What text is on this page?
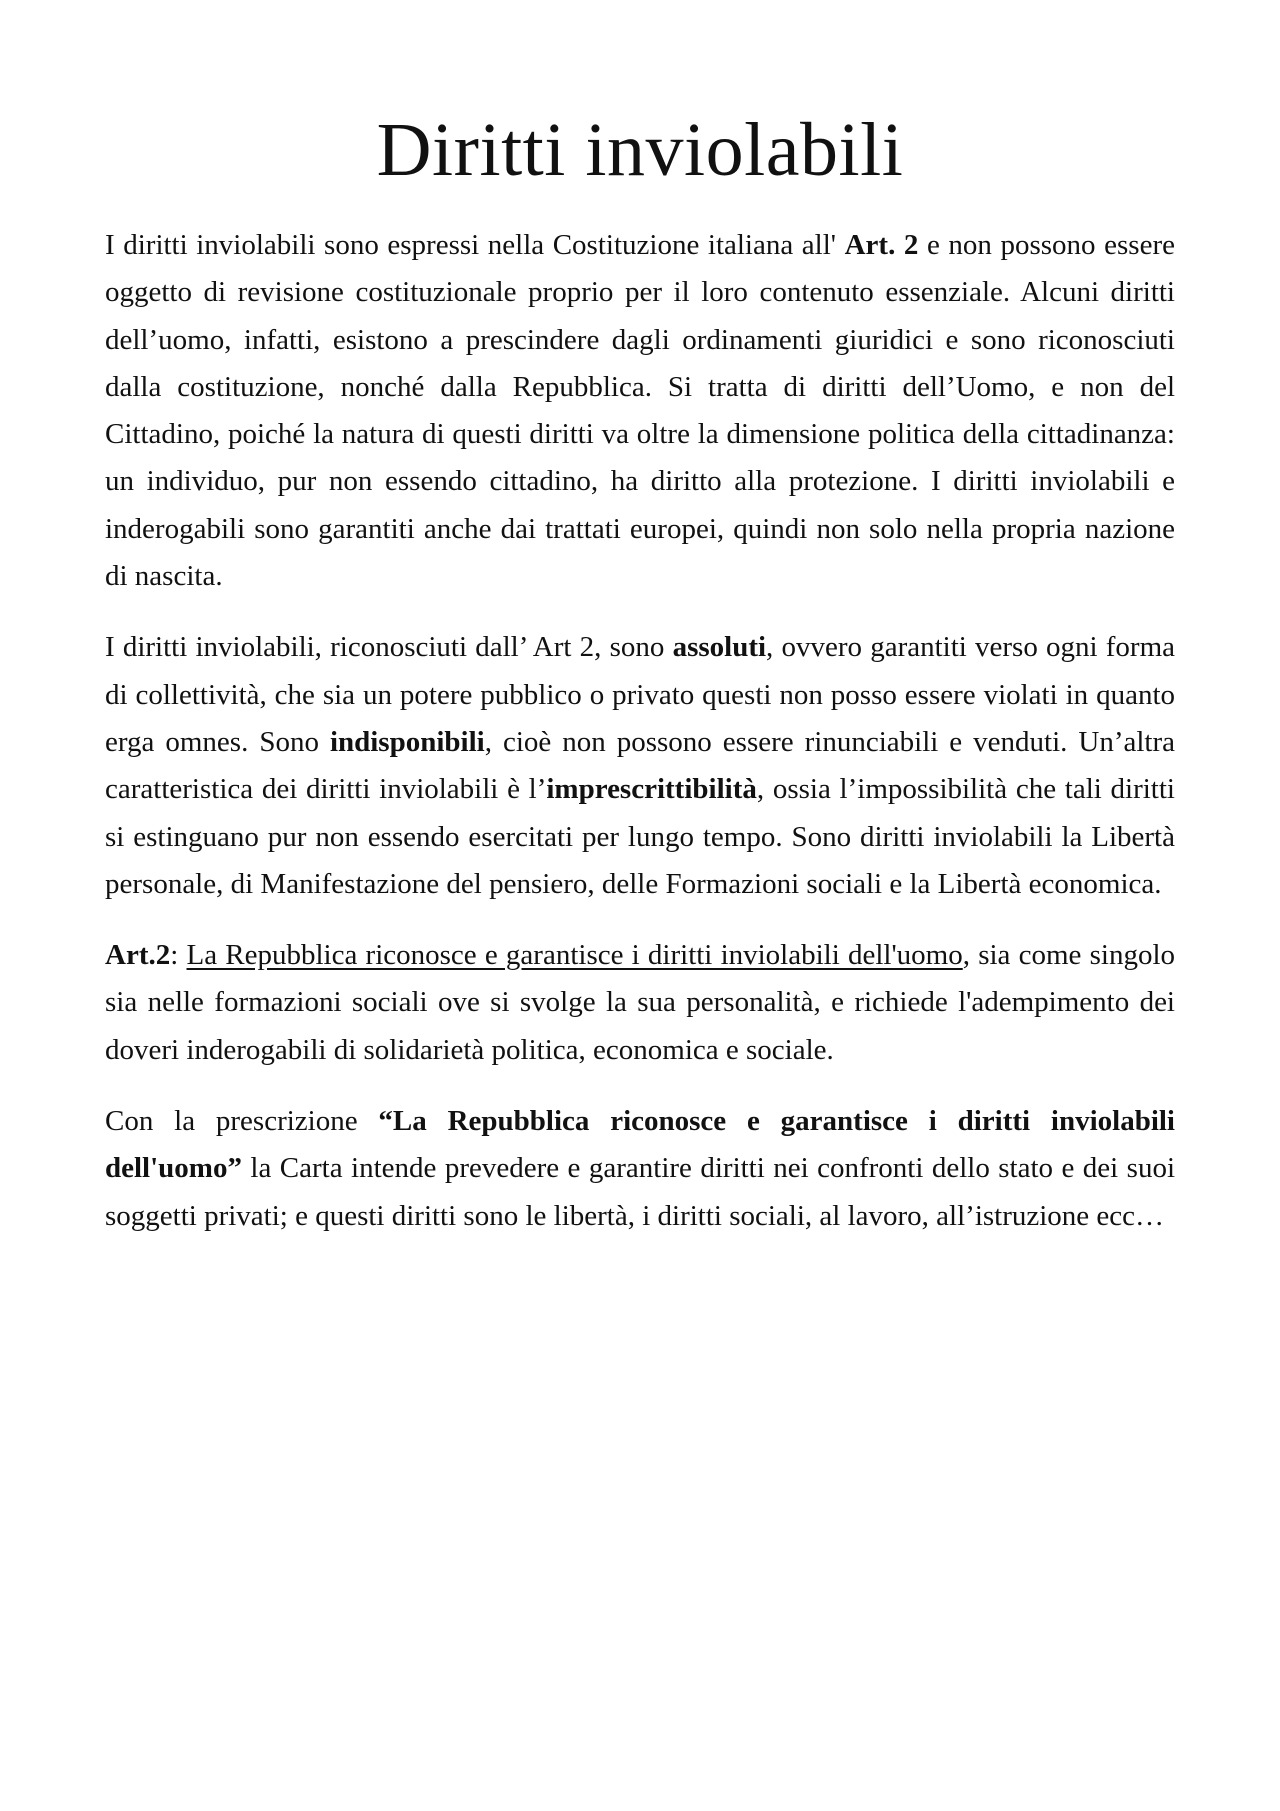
Diritti inviolabili

I diritti inviolabili sono espressi nella Costituzione italiana all' Art. 2 e non possono essere oggetto di revisione costituzionale proprio per il loro contenuto essenziale. Alcuni diritti dell’uomo, infatti, esistono a prescindere dagli ordinamenti giuridici e sono riconosciuti dalla costituzione, nonché dalla Repubblica. Si tratta di diritti dell’Uomo, e non del Cittadino, poiché la natura di questi diritti va oltre la dimensione politica della cittadinanza: un individuo, pur non essendo cittadino, ha diritto alla protezione. I diritti inviolabili e inderogabili sono garantiti anche dai trattati europei, quindi non solo nella propria nazione di nascita.

I diritti inviolabili, riconosciuti dall’ Art 2, sono assoluti, ovvero garantiti verso ogni forma di collettività, che sia un potere pubblico o privato questi non posso essere violati in quanto erga omnes. Sono indisponibili, cioè non possono essere rinunciabili e venduti. Un’altra caratteristica dei diritti inviolabili è l’imprescrittibilità, ossia l’impossibilità che tali diritti si estinguano pur non essendo esercitati per lungo tempo. Sono diritti inviolabili la Libertà personale, di Manifestazione del pensiero, delle Formazioni sociali e la Libertà economica.

Art.2: La Repubblica riconosce e garantisce i diritti inviolabili dell'uomo, sia come singolo sia nelle formazioni sociali ove si svolge la sua personalità, e richiede l'adempimento dei doveri inderogabili di solidarietà politica, economica e sociale.

Con la prescrizione “La Repubblica riconosce e garantisce i diritti inviolabili dell'uomo” la Carta intende prevedere e garantire diritti nei confronti dello stato e dei suoi soggetti privati; e questi diritti sono le libertà, i diritti sociali, al lavoro, all’istruzione ecc…
